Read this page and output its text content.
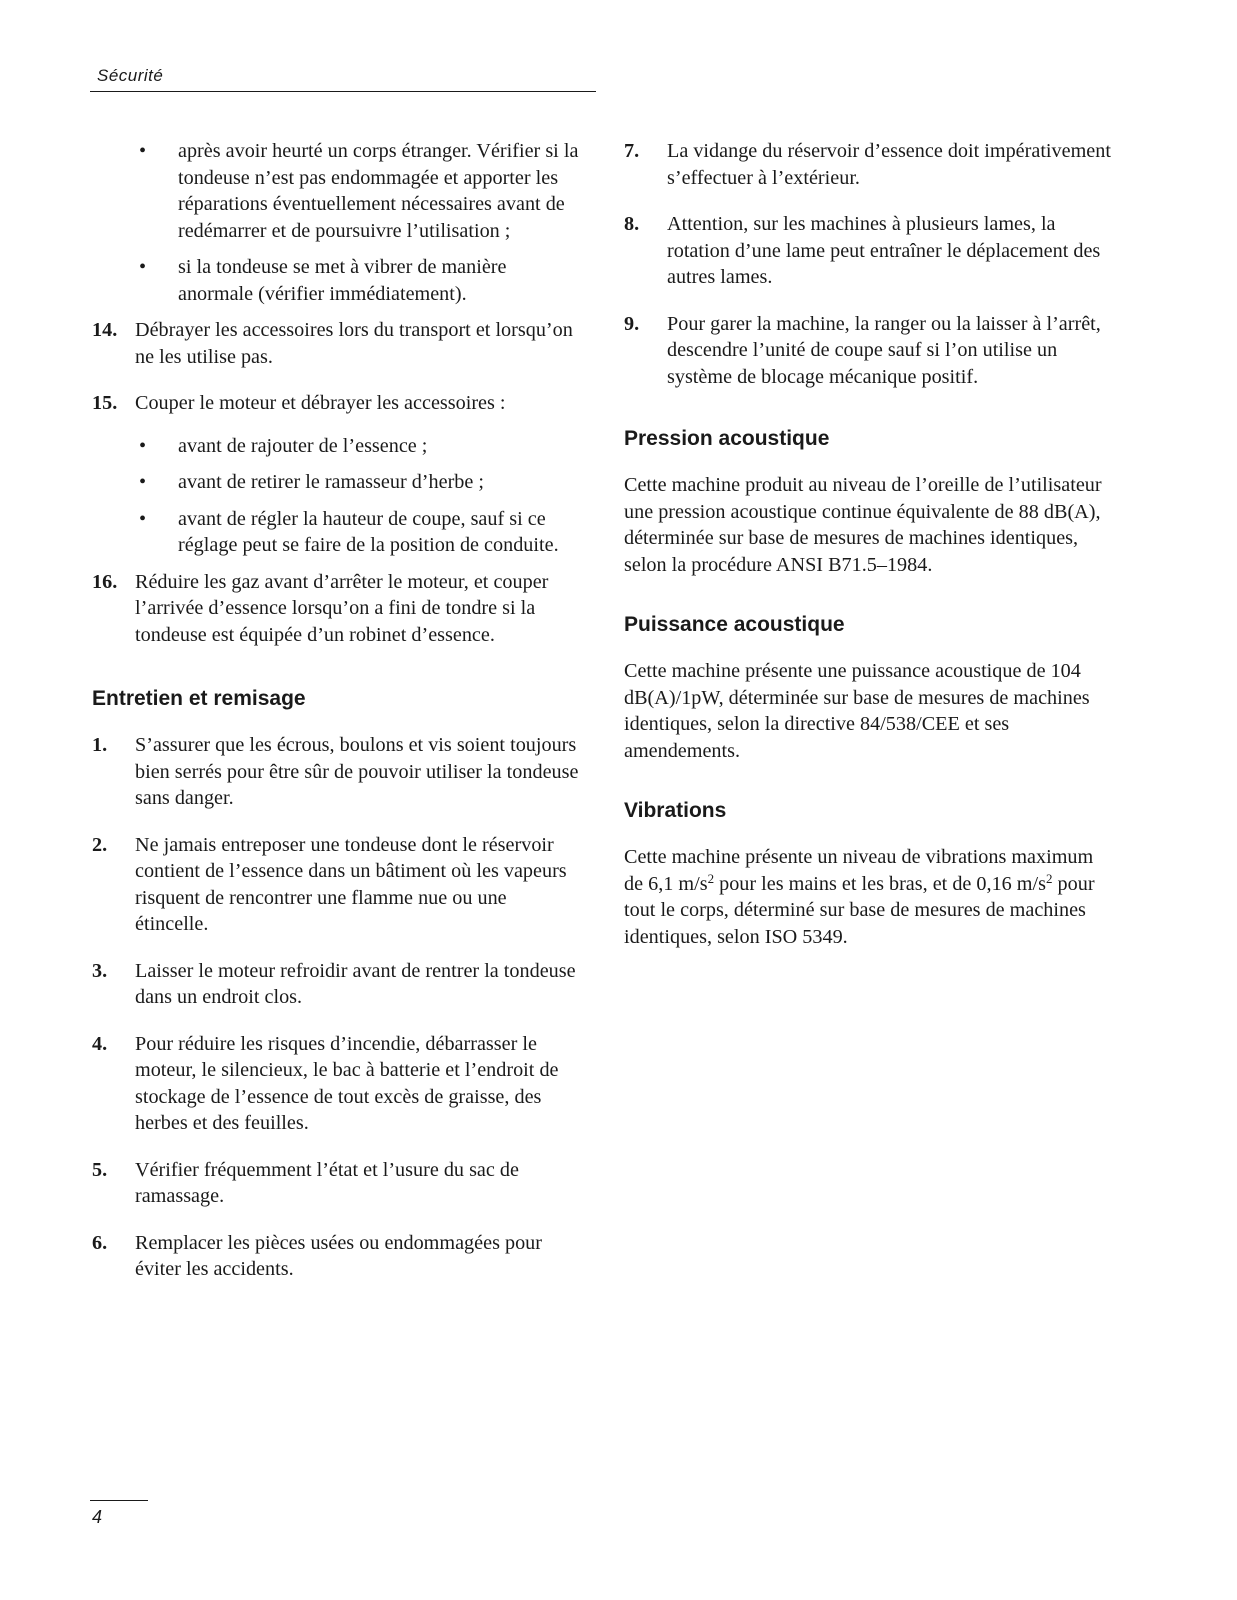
Sécurité
• après avoir heurté un corps étranger. Vérifier si la tondeuse n’est pas endommagée et apporter les réparations éventuellement nécessaires avant de redémarrer et de poursuivre l’utilisation ;
• si la tondeuse se met à vibrer de manière anormale (vérifier immédiatement).
14. Débrayer les accessoires lors du transport et lorsqu’on ne les utilise pas.
15. Couper le moteur et débrayer les accessoires :
• avant de rajouter de l’essence ;
• avant de retirer le ramasseur d’herbe ;
• avant de régler la hauteur de coupe, sauf si ce réglage peut se faire de la position de conduite.
16. Réduire les gaz avant d’arrêter le moteur, et couper l’arrivée d’essence lorsqu’on a fini de tondre si la tondeuse est équipée d’un robinet d’essence.
Entretien et remisage
1. S’assurer que les écrous, boulons et vis soient toujours bien serrés pour être sûr de pouvoir utiliser la tondeuse sans danger.
2. Ne jamais entreposer une tondeuse dont le réservoir contient de l’essence dans un bâtiment où les vapeurs risquent de rencontrer une flamme nue ou une étincelle.
3. Laisser le moteur refroidir avant de rentrer la tondeuse dans un endroit clos.
4. Pour réduire les risques d’incendie, débarrasser le moteur, le silencieux, le bac à batterie et l’endroit de stockage de l’essence de tout excès de graisse, des herbes et des feuilles.
5. Vérifier fréquemment l’état et l’usure du sac de ramassage.
6. Remplacer les pièces usées ou endommagées pour éviter les accidents.
7. La vidange du réservoir d’essence doit impérativement s’effectuer à l’extérieur.
8. Attention, sur les machines à plusieurs lames, la rotation d’une lame peut entraîner le déplacement des autres lames.
9. Pour garer la machine, la ranger ou la laisser à l’arrêt, descendre l’unité de coupe sauf si l’on utilise un système de blocage mécanique positif.
Pression acoustique
Cette machine produit au niveau de l’oreille de l’utilisateur une pression acoustique continue équivalente de 88 dB(A), déterminée sur base de mesures de machines identiques, selon la procédure ANSI B71.5–1984.
Puissance acoustique
Cette machine présente une puissance acoustique de 104 dB(A)/1pW, déterminée sur base de mesures de machines identiques, selon la directive 84/538/CEE et ses amendements.
Vibrations
Cette machine présente un niveau de vibrations maximum de 6,1 $m/s^2$ pour les mains et les bras, et de 0,16 $m/s^2$ pour tout le corps, déterminé sur base de mesures de machines identiques, selon ISO 5349.
4
